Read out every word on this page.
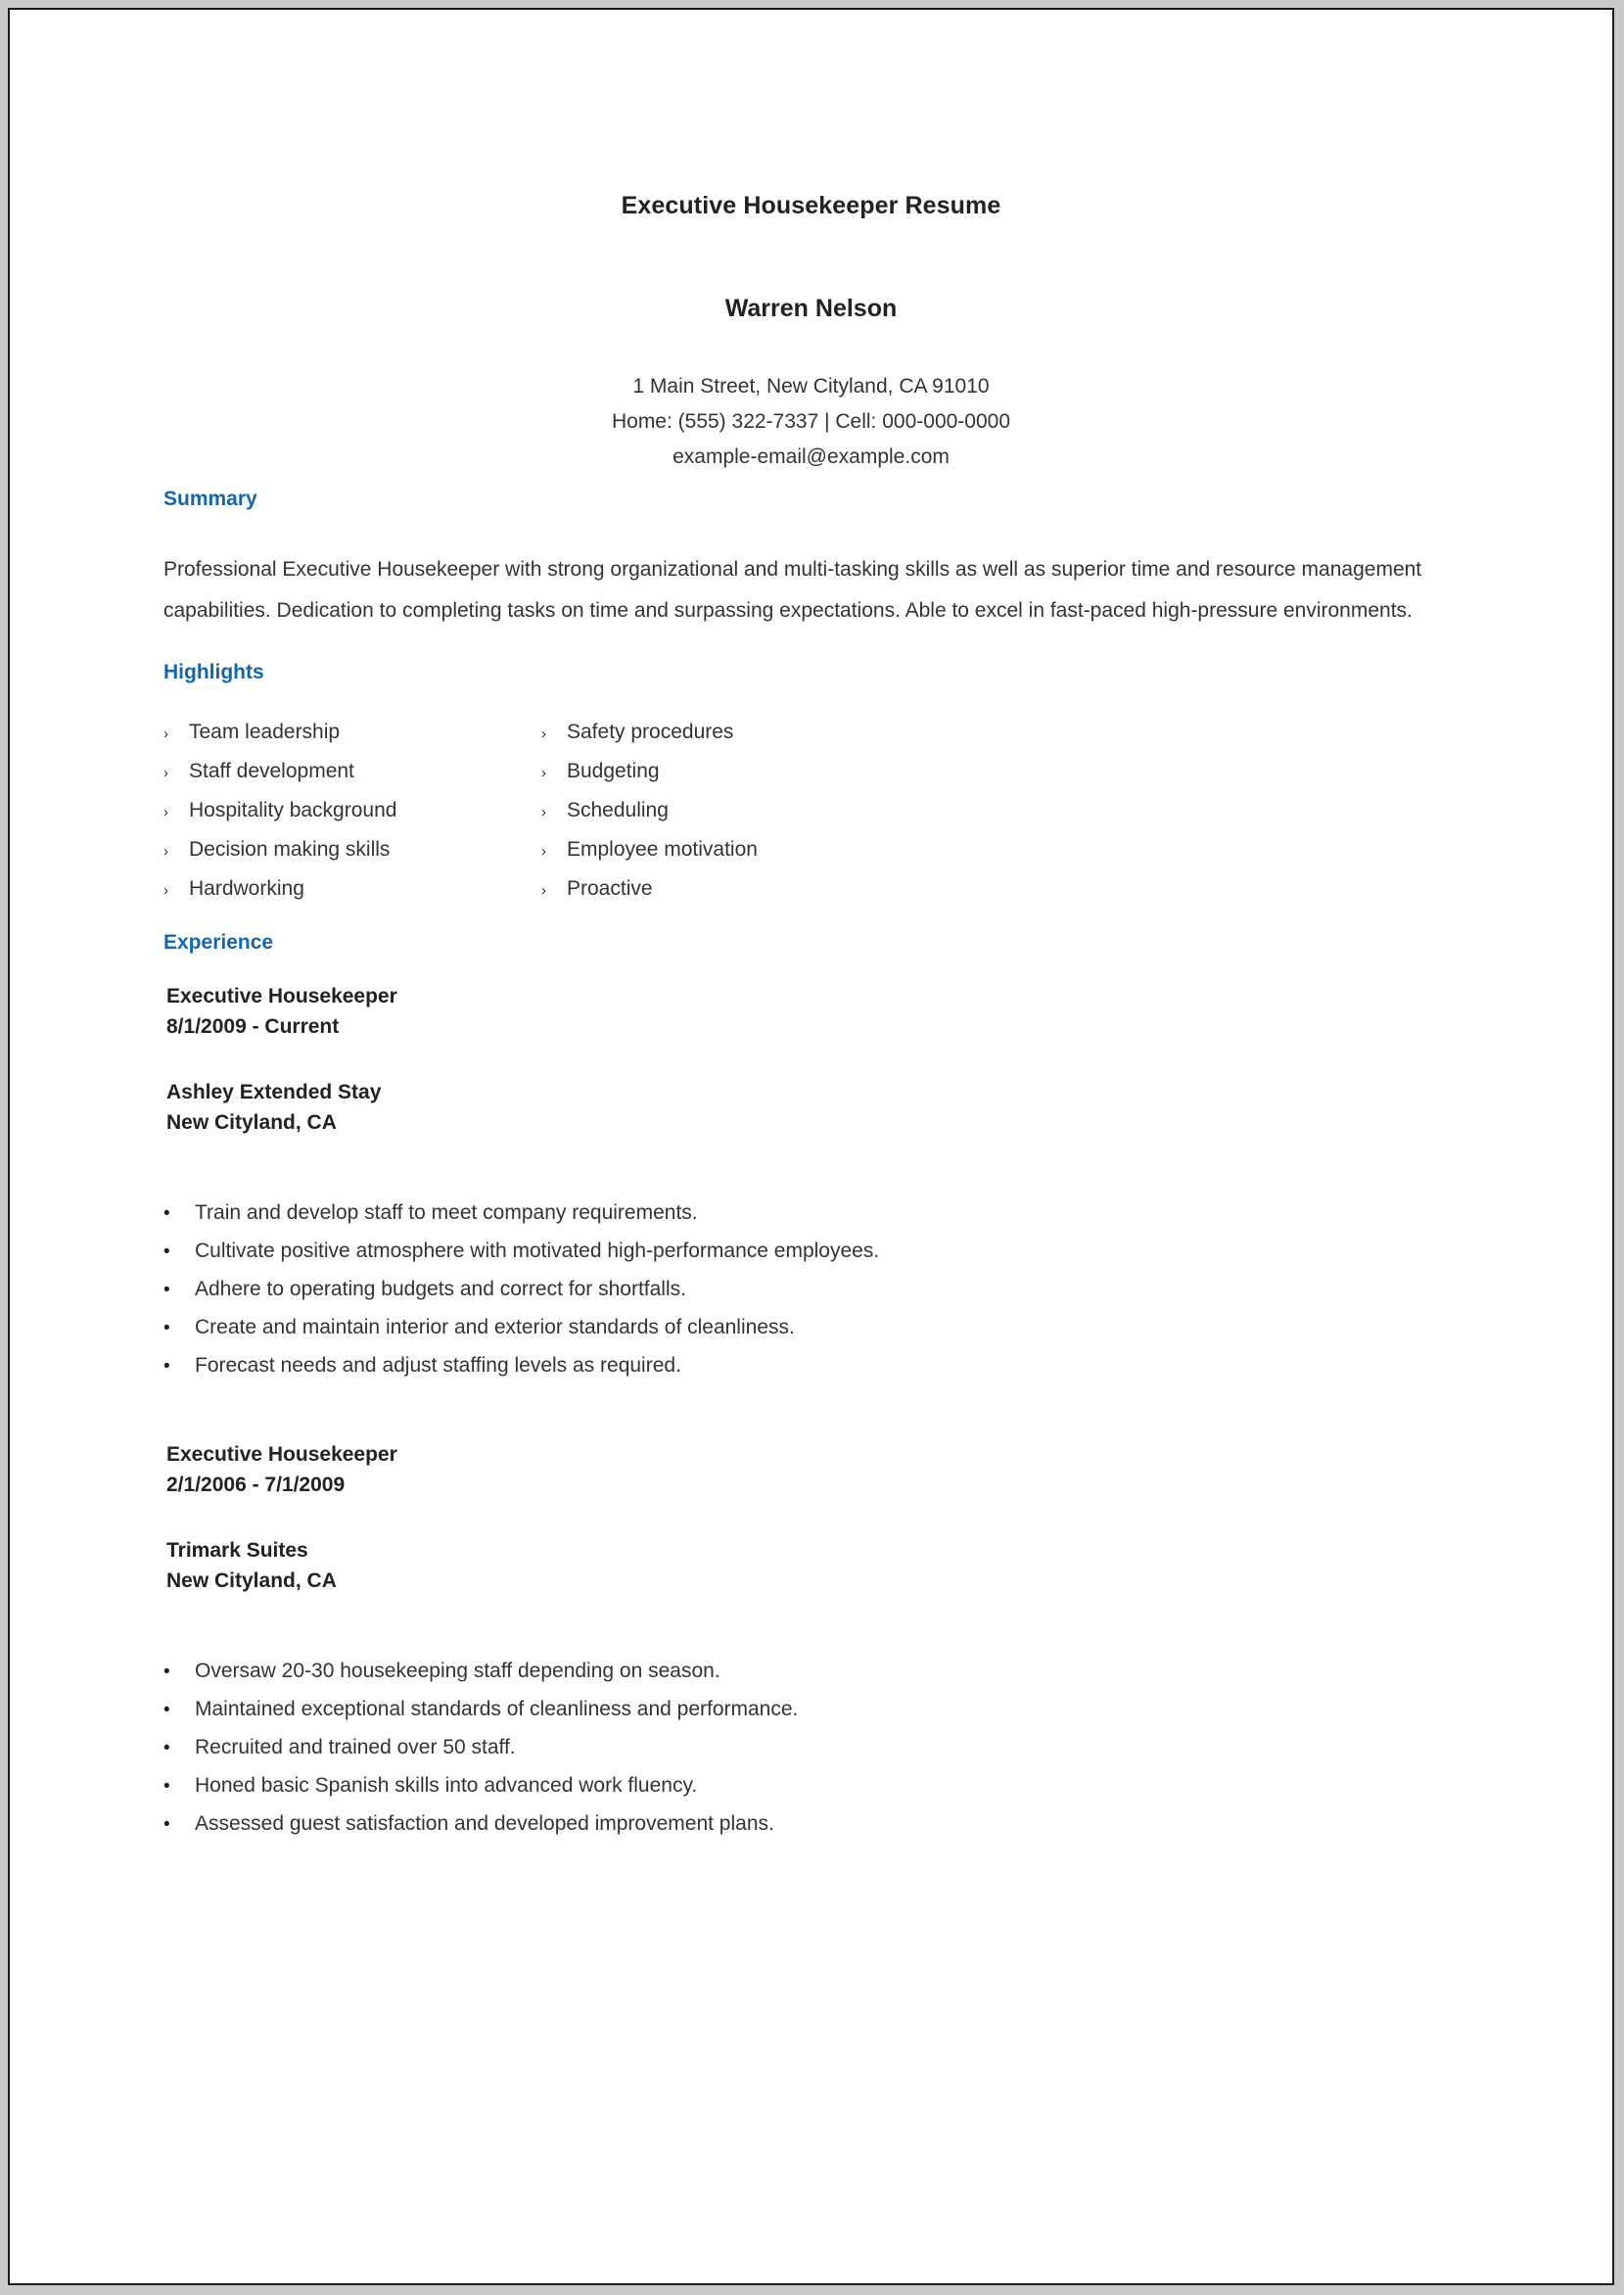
Executive Housekeeper Resume
Warren Nelson
1 Main Street, New Cityland, CA 91010
Home: (555) 322-7337 | Cell: 000-000-0000
example-email@example.com
Summary

Professional Executive Housekeeper with strong organizational and multi-tasking skills as well as superior time and resource management capabilities. Dedication to completing tasks on time and surpassing expectations. Able to excel in fast-paced high-pressure environments.

Highlights
›	Team leadership
›	Staff development
›	Hospitality background
›	Decision making skills
›	Hardworking
›	Safety procedures
›	Budgeting
›	Scheduling
›	Employee motivation
›	Proactive
Experience
Executive Housekeeper
8/1/2009 - Current
Ashley Extended Stay
New Cityland, CA
•	Train and develop staff to meet company requirements.
•	Cultivate positive atmosphere with motivated high-performance employees.
•	Adhere to operating budgets and correct for shortfalls.
•	Create and maintain interior and exterior standards of cleanliness.
•	Forecast needs and adjust staffing levels as required.
Executive Housekeeper
2/1/2006 - 7/1/2009
Trimark Suites
New Cityland, CA
•	Oversaw 20-30 housekeeping staff depending on season.
•	Maintained exceptional standards of cleanliness and performance.
•	Recruited and trained over 50 staff.
•	Honed basic Spanish skills into advanced work fluency.
•	Assessed guest satisfaction and developed improvement plans.
